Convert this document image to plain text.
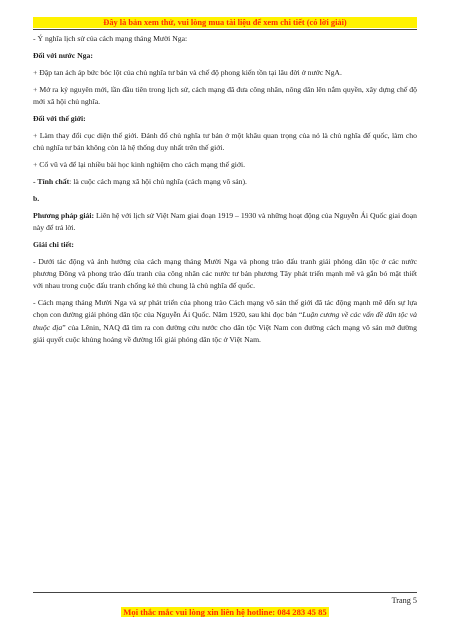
Đây là bản xem thử, vui lòng mua tài liệu để xem chi tiết (có lời giải)

- Ý nghĩa lịch sử của cách mạng tháng Mười Nga:

Đối với nước Nga:

+ Đập tan ách áp bức bóc lột của chủ nghĩa tư bản và chế độ phong kiến tồn tại lâu đời ở nước NgA.

+ Mở ra kỷ nguyên mới, lần đầu tiên trong lịch sử, cách mạng đã đưa công nhân, nông dân lên nắm quyền, xây dựng chế độ mới xã hội chủ nghĩa.

Đối với thế giới:

+ Làm thay đổi cục diện thế giới. Đánh đổ chủ nghĩa tư bản ở một khâu quan trọng của nó là chủ nghĩa đế quốc, làm cho chủ nghĩa tư bản không còn là hệ thống duy nhất trên thế giới.

+ Cổ vũ và để lại nhiều bài học kinh nghiệm cho cách mạng thế giới.

- Tính chất: là cuộc cách mạng xã hội chủ nghĩa (cách mạng vô sản).

b.

Phương pháp giải: Liên hệ với lịch sử Việt Nam giai đoạn 1919 – 1930 và những hoạt động của Nguyễn Ái Quốc giai đoạn này để trả lời.

Giải chi tiết:

- Dưới tác động và ảnh hưởng của cách mạng tháng Mười Nga và phong trào đấu tranh giải phóng dân tộc ở các nước phương Đông và phong trào đấu tranh của công nhân các nước tư bản phương Tây phát triển mạnh mẽ và gắn bó mật thiết với nhau trong cuộc đấu tranh chống kẻ thù chung là chủ nghĩa đế quốc.

- Cách mạng tháng Mười Nga và sự phát triển của phong trào Cách mạng vô sản thế giới đã tác động mạnh mẽ đến sự lựa chọn con đường giải phóng dân tộc của Nguyễn Ái Quốc. Năm 1920, sau khi đọc bản “Luận cương về các vấn đề dân tộc và thuộc địa” của Lênin, NAQ đã tìm ra con đường cứu nước cho dân tộc Việt Nam con đường cách mạng vô sản mở đường giải quyết cuộc khủng hoảng về đường lối giải phóng dân tộc ở Việt Nam.

Trang 5
Mọi thắc mắc vui lòng xin liên hệ hotline: 084 283 45 85
